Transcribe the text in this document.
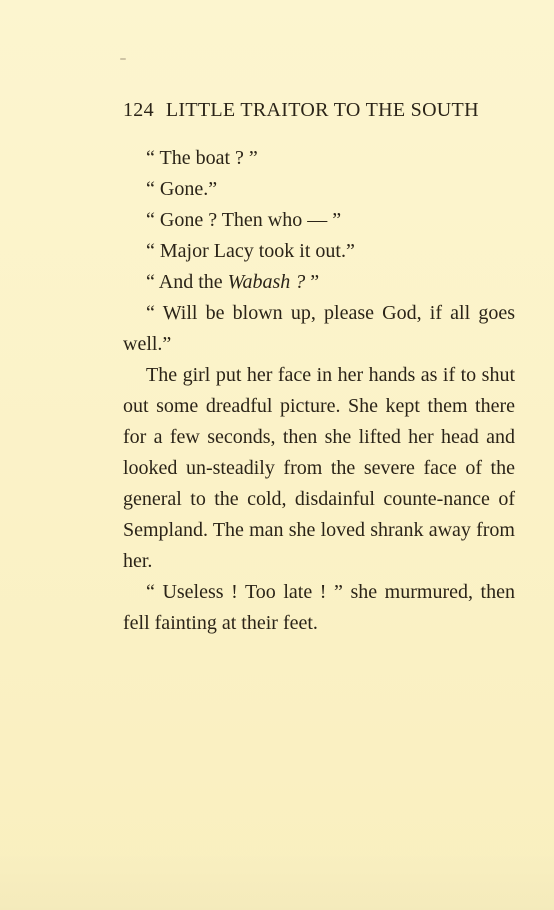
124 LITTLE TRAITOR TO THE SOUTH

“ The boat ? ”

“ Gone.”

“ Gone ? Then who — ”

“ Major Lacy took it out.”

“ And the Wabash ? ”

“ Will be blown up, please God, if all goes well.”

The girl put her face in her hands as if to shut out some dreadful picture. She kept them there for a few seconds, then she lifted her head and looked un-steadily from the severe face of the general to the cold, disdainful counte-nance of Sempland. The man she loved shrank away from her.

“ Useless ! Too late ! ” she murmured, then fell fainting at their feet.
